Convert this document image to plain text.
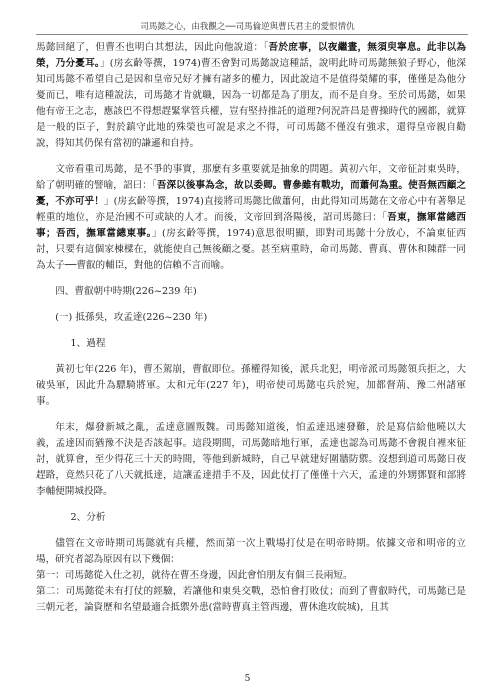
司馬懿之心，由我觀之──司馬倫逆與曹氏君主的愛恨情仇

馬懿回絕了，但曹丕也明白其想法，因此向他說道：「吾於庶事，以夜繼晝，無須臾寧息。此非以為榮，乃分憂耳。」(房玄齡等撰，1974)曹丕會對司馬懿說這種話，說明此時司馬懿無狼子野心，他深知司馬懿不希望自己是因和皇帝兄好才擁有諸多的權力，因此說這不是值得榮耀的事，僅僅是為他分憂而已，唯有這種說法，司馬懿才肯就職，因為一切都是為了朋友，而不是自身。至於司馬懿，如果他有帝王之志，應該巴不得想趕緊掌管兵權，豈有堅持推託的道理?何況許昌是曹操時代的國都，就算是一般的臣子，對於鎮守此地的殊榮也可說是求之不得，可司馬懿不僅沒有強求，還得皇帝親自勸說，得知其仍保有當初的謙遜和自持。

文帝看重司馬懿，是不爭的事實，那麼有多重要就是抽象的問題。黃初六年，文帝征討東吳時，給了朝明確的譬喻，詔曰：「吾深以後事為念，故以委卿。曹參雖有戰功，而蕭何為重。使吾無西顧之憂，不亦可乎！」(房玄齡等撰，1974)直接將司馬懿比做蕭何，由此得知司馬懿在文帝心中有著舉足輕重的地位，亦是治國不可或缺的人才。而後，文帝回到洛陽後，詔司馬懿曰：「吾東，撫軍當總西事；吾西，撫軍當總東事。」(房玄齡等撰，1974)意思很明顯，即對司馬懿十分放心，不論東征西討，只要有這個家棟樑在，就能使自己無後顧之憂。甚至病重時，命司馬懿、曹真、曹休和陳群一同為太子──曹叡的輔臣，對他的信賴不言而喻。

四、曹叡朝中時期(226~239 年)
(一) 抵孫吳，攻孟達(226~230 年)
1、過程

黃初七年(226 年)，曹丕駕崩，曹叡即位。孫權得知後，派兵北犯，明帝派司馬懿領兵拒之，大破吳軍，因此升為驃騎將軍。太和元年(227 年)，明帝使司馬懿屯兵於宛，加都督荊、豫二州諸軍事。

年末，爆發新城之亂，孟達意圖叛魏。司馬懿知道後，怕孟達迅速發難，於是寫信給他曉以大義，孟達因而猶豫不決是否該起事。這段期間，司馬懿暗地行軍，孟達也認為司馬懿不會親自裡來征討，就算會，至少得花三十天的時間，等他到新城時，自己早就建好圍牆防禦。沒想到道司馬懿日夜趕路，竟然只花了八天就抵達，這讓孟達措手不及，因此仗打了僅僅十六天，孟達的外甥鄧賢和部將李輔便開城投降。

2、分析

儘管在文帝時期司馬懿就有兵權，然而第一次上戰場打仗是在明帝時期。依據文帝和明帝的立場，研究者認為原因有以下幾個：

第一：司馬懿從入仕之初，就待在曹丕身邊，因此會怕朋友有個三長兩短。

第二：司馬懿從未有打仗的經驗，若讓他和東吳交戰，恐怕會打敗仗；而到了曹叡時代，司馬懿已是三朝元老，論資歷和名望最適合抵禦外患(當時曹真主管西邊，曹休進攻皖城)，且其

5
